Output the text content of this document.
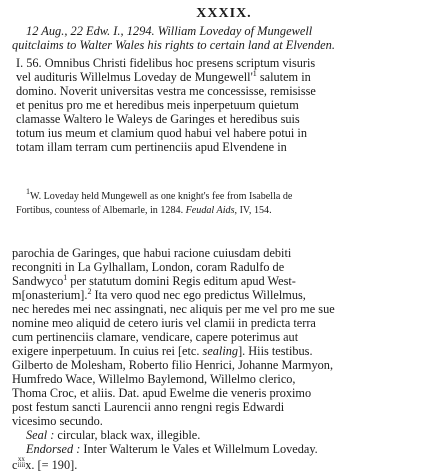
XXXIX.
12 Aug., 22 Edw. I., 1294. William Loveday of Mungewell
quitclaims to Walter Wales his rights to certain land at Elvenden.
I. 56. Omnibus Christi fidelibus hoc presens scriptum visuris
vel audituris Willelmus Loveday de $Mungewell'^1$ salutem in
domino. Noverit universitas vestra me concessisse, remisisse
et penitus pro me et heredibus meis inperpetuum quietum
clamasse Waltero le Waleys de Garinges et heredibus suis
totum ius meum et clamium quod habui vel habere potui in
totam illam terram cum pertinenciis apud Elvendene in
$^1$W. Loveday held Mungewell as one knight's fee from Isabella de
Fortibus, countess of Albemarle, in 1284. Feudal Aids, IV, 154.
parochia de Garinges, que habui racione cuiusdam debiti
recongniti in La Gylhallam, London, coram Radulfo de
Sandwyco$^1$ per statutum domini Regis editum apud West-
m[onasterium].$^2$ Ita vero quod nec ego predictus Willelmus,
nec heredes mei nec assingnati, nec aliquis per me vel pro me sue
nomine meo aliquid de cetero iuris vel clamii in predicta terra
cum pertinenciis clamare, vendicare, capere poterimus aut
exigere inperpetuum. In cuius rei [etc. sealing]. Hiis testibus.
Gilberto de Molesham, Roberto filio Henrici, Johanne Marmyon,
Humfredo Wace, Willelmo Baylemond, Willelmo clerico,
Thoma Croc, et aliis. Dat. apud Ewelme die veneris proximo
post festum sancti Laurencii anno rengni regis Edwardi
vicesimo secundo.
Seal : circular, black wax, illegible.
Endorsed : Inter Walterum le Vales et Willelmum Loveday.
c xx
iiii x. [= 190].
